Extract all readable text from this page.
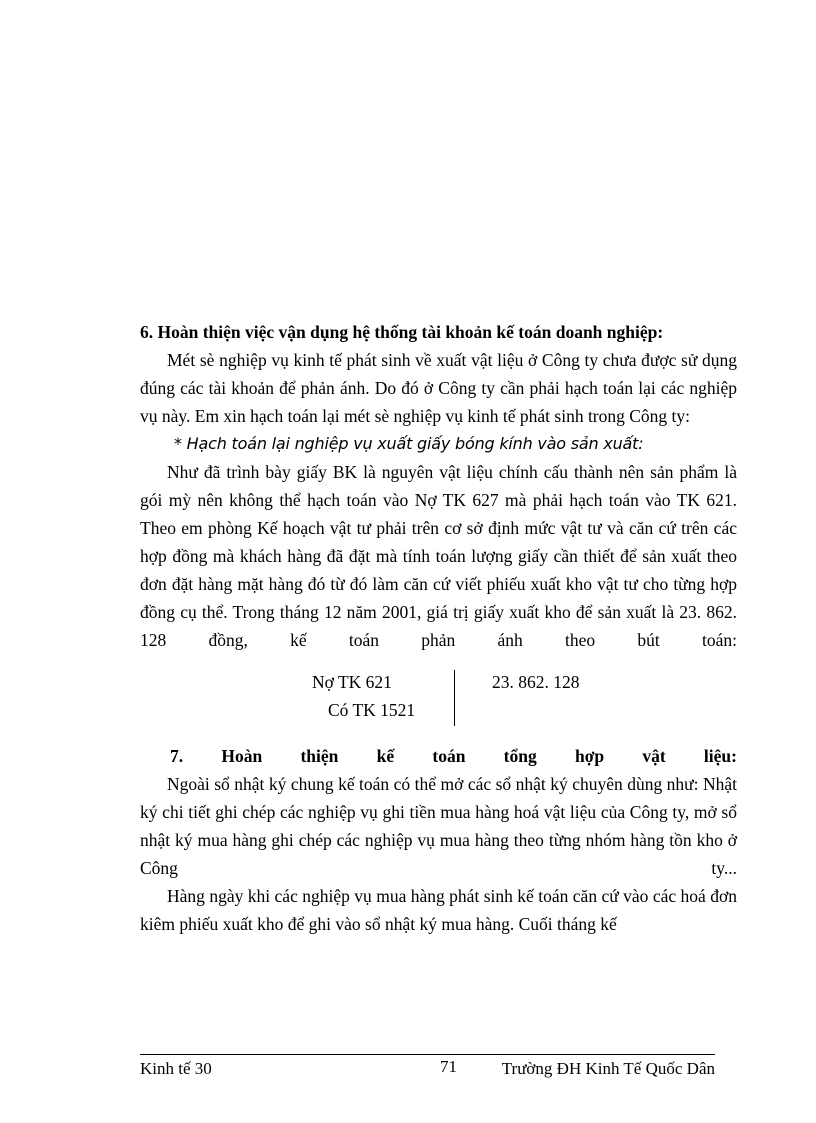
6. Hoàn thiện việc vận dụng hệ thống tài khoản kế toán doanh nghiệp:

Mét sè nghiệp vụ kinh tế phát sinh về xuất vật liệu ở Công ty chưa được sử dụng đúng các tài khoản để phản ánh. Do đó ở Công ty cần phải hạch toán lại các nghiệp vụ này. Em xin hạch toán lại mét sè nghiệp vụ kinh tế phát sinh trong Công ty:

* Hạch toán lại nghiệp vụ xuất giấy bóng kính vào sản xuất:

Như đã trình bày giấy BK là nguyên vật liệu chính cấu thành nên sản phẩm là gói mỳ nên không thể hạch toán vào Nợ TK 627 mà phải hạch toán vào TK 621. Theo em phòng Kế hoạch vật tư phải trên cơ sở định mức vật tư và căn cứ trên các hợp đồng mà khách hàng đã đặt mà tính toán lượng giấy cần thiết để sản xuất theo đơn đặt hàng mặt hàng đó từ đó làm căn cứ viết phiếu xuất kho vật tư cho từng hợp đồng cụ thể. Trong tháng 12 năm 2001, giá trị giấy xuất kho để sản xuất là 23. 862. 128 đồng, kế toán phản ánh theo bút toán:

Nợ TK 621
Có TK 1521
23. 862. 128

7. Hoàn thiện kế toán tổng hợp vật liệu:

Ngoài sổ nhật ký chung kế toán có thể mở các sổ nhật ký chuyên dùng như: Nhật ký chi tiết ghi chép các nghiệp vụ ghi tiền mua hàng hoá vật liệu của Công ty, mở sổ nhật ký mua hàng ghi chép các nghiệp vụ mua hàng theo từng nhóm hàng tồn kho ở Công ty...

Hàng ngày khi các nghiệp vụ mua hàng phát sinh kế toán căn cứ vào các hoá đơn kiêm phiếu xuất kho để ghi vào sổ nhật ký mua hàng. Cuối tháng kế

Kinh tế 30	71	Trường ĐH Kinh Tế Quốc Dân
